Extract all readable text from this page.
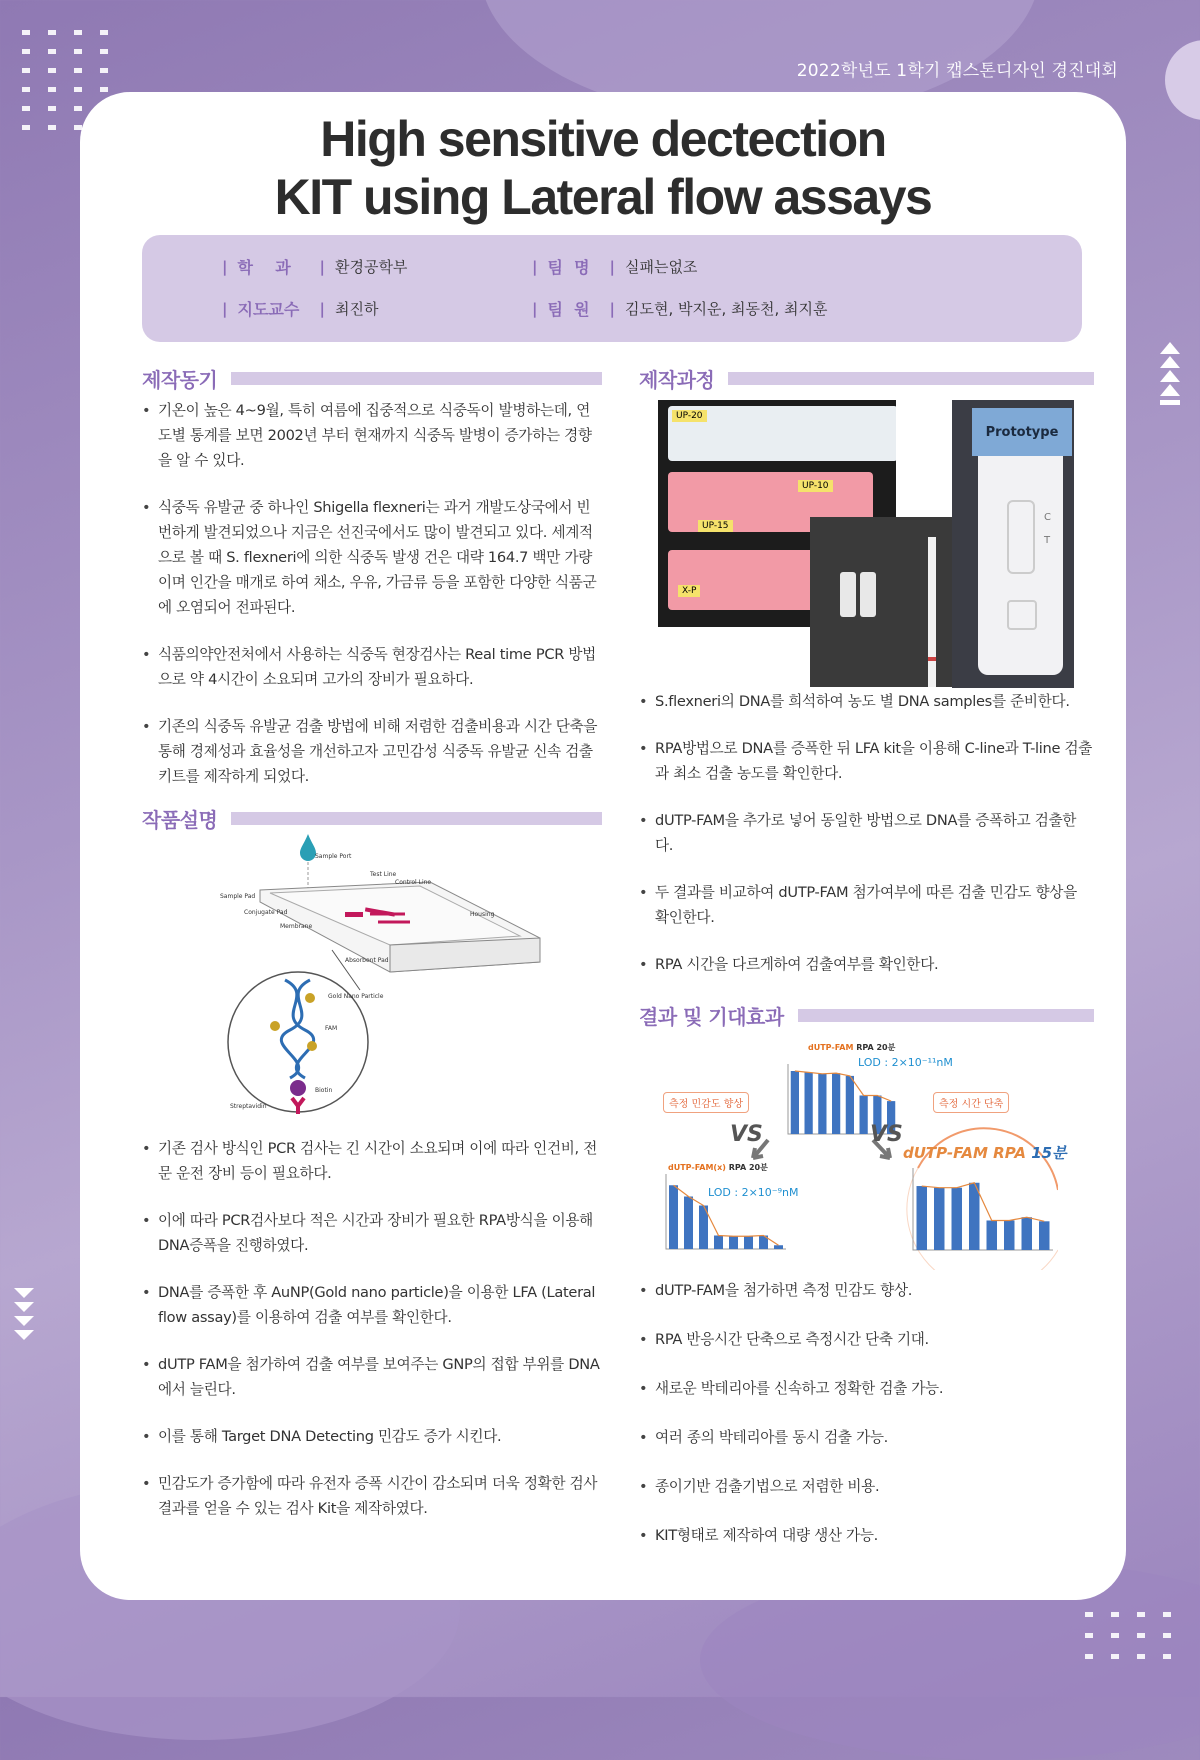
2022학년도 1학기 캡스톤디자인 경진대회
High sensitive dectection
KIT using Lateral flow assays
| 학    과	| 환경공학부	| 팀  명	| 실패는없조
| 지도교수	| 최진하	| 팀  원	| 김도현, 박지운, 최동천, 최지훈
제작동기
• 기온이 높은 4~9월, 특히 여름에 집중적으로 식중독이 발병하는데, 연도별 통계를 보면 2002년 부터 현재까지 식중독 발병이 증가하는 경향을 알 수 있다.
• 식중독 유발균 중 하나인 Shigella flexneri는 과거 개발도상국에서 빈번하게 발견되었으나 지금은 선진국에서도 많이 발견되고 있다. 세계적으로 볼 때 S. flexneri에 의한 식중독 발생 건은 대략 164.7 백만 가량이며 인간을 매개로 하여 채소, 우유, 가금류 등을 포함한 다양한 식품군에 오염되어 전파된다.
• 식품의약안전처에서 사용하는 식중독 현장검사는 Real time PCR 방법으로 약 4시간이 소요되며 고가의 장비가 필요하다.
• 기존의 식중독 유발균 검출 방법에 비해 저렴한 검출비용과 시간 단축을 통해 경제성과 효율성을 개선하고자 고민감성 식중독 유발균 신속 검출 키트를 제작하게 되었다.
작품설명
Sample Port
Test Line
Control Line
Sample Pad
Conjugate Pad
Membrane
Housing
Absorbent Pad
Gold Nano Particle
FAM
Biotin
Streptavidin
• 기존 검사 방식인 PCR 검사는 긴 시간이 소요되며 이에 따라 인건비, 전문 운전 장비 등이 필요하다.
• 이에 따라 PCR검사보다 적은 시간과 장비가 필요한 RPA방식을 이용해 DNA증폭을 진행하였다.
• DNA를 증폭한 후 AuNP(Gold nano particle)을 이용한 LFA (Lateral flow assay)를 이용하여 검출 여부를 확인한다.
• dUTP FAM을 첨가하여 검출 여부를 보여주는 GNP의 접합 부위를 DNA에서 늘린다.
• 이를 통해 Target DNA Detecting 민감도 증가 시킨다.
• 민감도가 증가함에 따라 유전자 증폭 시간이 감소되며 더욱 정확한 검사 결과를 얻을 수 있는 검사 Kit을 제작하였다.
제작과정
UP-20
UP-10
UP-15
X-P
Prototype
C
T
• S.flexneri의 DNA를 희석하여 농도 별 DNA samples를 준비한다.
• RPA방법으로 DNA를 증폭한 뒤 LFA kit을 이용해 C-line과 T-line 검출과 최소 검출 농도를 확인한다.
• dUTP-FAM을 추가로 넣어 동일한 방법으로 DNA를 증폭하고 검출한다.
• 두 결과를 비교하여 dUTP-FAM 첨가여부에 따른 검출 민감도 향상을 확인한다.
• RPA 시간을 다르게하여 검출여부를 확인한다.
결과 및 기대효과
dUTP-FAM RPA 20분
LOD : 2×10⁻¹¹nM
dUTP-FAM(x) RPA 20분
LOD : 2×10⁻⁹nM
dUTP-FAM RPA 15분
측정 민감도 향상	측정 시간 단축
VS	VS
• dUTP-FAM을 첨가하면 측정 민감도 향상.
• RPA 반응시간 단축으로 측정시간 단축 기대.
• 새로운 박테리아를 신속하고 정확한 검출 가능.
• 여러 종의 박테리아를 동시 검출 가능.
• 종이기반 검출기법으로 저렴한 비용.
• KIT형태로 제작하여 대량 생산 가능.
